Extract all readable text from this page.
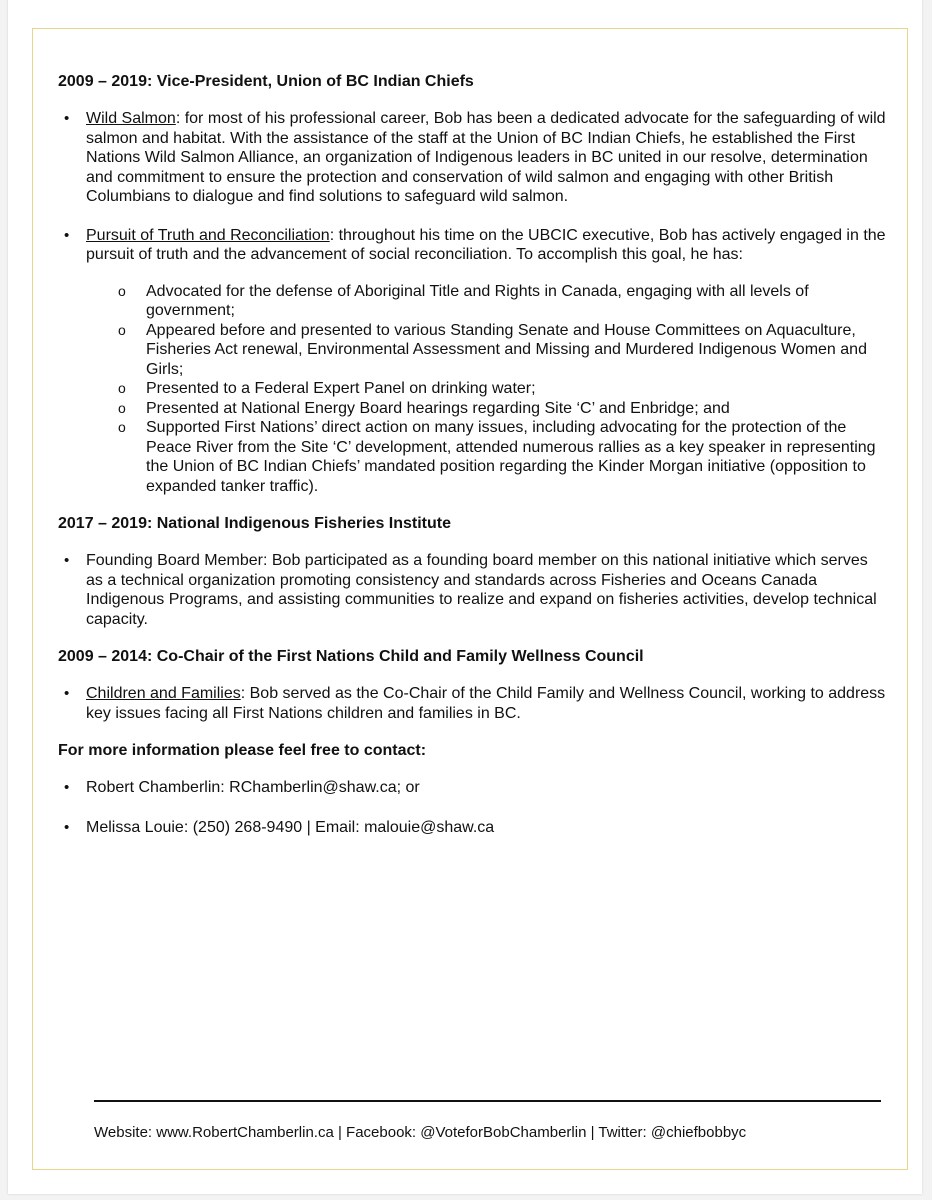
2009 – 2019: Vice-President, Union of BC Indian Chiefs
• Wild Salmon: for most of his professional career, Bob has been a dedicated advocate for the safeguarding of wild salmon and habitat. With the assistance of the staff at the Union of BC Indian Chiefs, he established the First Nations Wild Salmon Alliance, an organization of Indigenous leaders in BC united in our resolve, determination and commitment to ensure the protection and conservation of wild salmon and engaging with other British Columbians to dialogue and find solutions to safeguard wild salmon.
• Pursuit of Truth and Reconciliation: throughout his time on the UBCIC executive, Bob has actively engaged in the pursuit of truth and the advancement of social reconciliation. To accomplish this goal, he has:
o Advocated for the defense of Aboriginal Title and Rights in Canada, engaging with all levels of government;
o Appeared before and presented to various Standing Senate and House Committees on Aquaculture, Fisheries Act renewal, Environmental Assessment and Missing and Murdered Indigenous Women and Girls;
o Presented to a Federal Expert Panel on drinking water;
o Presented at National Energy Board hearings regarding Site ‘C’ and Enbridge; and
o Supported First Nations’ direct action on many issues, including advocating for the protection of the Peace River from the Site ‘C’ development, attended numerous rallies as a key speaker in representing the Union of BC Indian Chiefs’ mandated position regarding the Kinder Morgan initiative (opposition to expanded tanker traffic).
2017 – 2019: National Indigenous Fisheries Institute
• Founding Board Member: Bob participated as a founding board member on this national initiative which serves as a technical organization promoting consistency and standards across Fisheries and Oceans Canada Indigenous Programs, and assisting communities to realize and expand on fisheries activities, develop technical capacity.
2009 – 2014: Co-Chair of the First Nations Child and Family Wellness Council
• Children and Families: Bob served as the Co-Chair of the Child Family and Wellness Council, working to address key issues facing all First Nations children and families in BC.
For more information please feel free to contact:
• Robert Chamberlin: RChamberlin@shaw.ca; or
• Melissa Louie: (250) 268-9490 | Email: malouie@shaw.ca
Website: www.RobertChamberlin.ca | Facebook: @VoteforBobChamberlin | Twitter: @chiefbobbyc
